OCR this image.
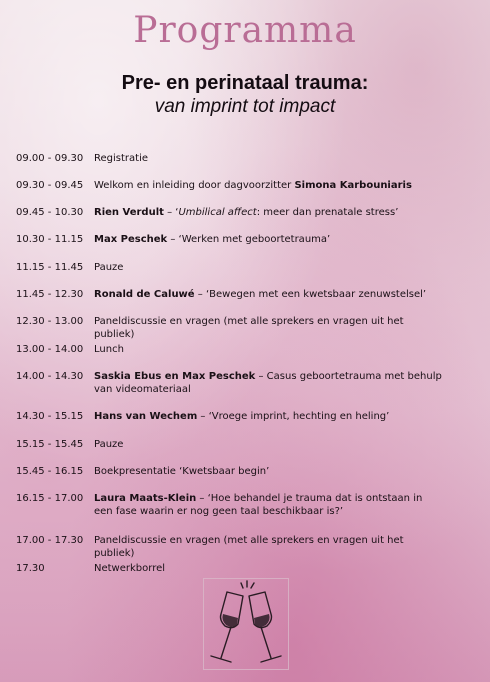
Programma
Pre- en perinataal trauma:
van imprint tot impact
09.00 - 09.30	Registratie
09.30 - 09.45	Welkom en inleiding door dagvoorzitter Simona Karbouniaris
09.45 - 10.30	Rien Verdult – ‘Umbilical affect: meer dan prenatale stress’
10.30 - 11.15	Max Peschek – ‘Werken met geboortetrauma’
11.15 - 11.45	Pauze
11.45 - 12.30	Ronald de Caluwé – ‘Bewegen met een kwetsbaar zenuwstelsel’
12.30 - 13.00	Paneldiscussie en vragen (met alle sprekers en vragen uit het publiek)
13.00 - 14.00	Lunch
14.00 - 14.30	Saskia Ebus en Max Peschek – Casus geboortetrauma met behulp van videomateriaal
14.30 - 15.15	Hans van Wechem – ‘Vroege imprint, hechting en heling’
15.15 - 15.45	Pauze
15.45 - 16.15	Boekpresentatie ‘Kwetsbaar begin’
16.15 - 17.00	Laura Maats-Klein – ‘Hoe behandel je trauma dat is ontstaan in een fase waarin er nog geen taal beschikbaar is?’
17.00 - 17.30	Paneldiscussie en vragen (met alle sprekers en vragen uit het publiek)
17.30	Netwerkborrel
